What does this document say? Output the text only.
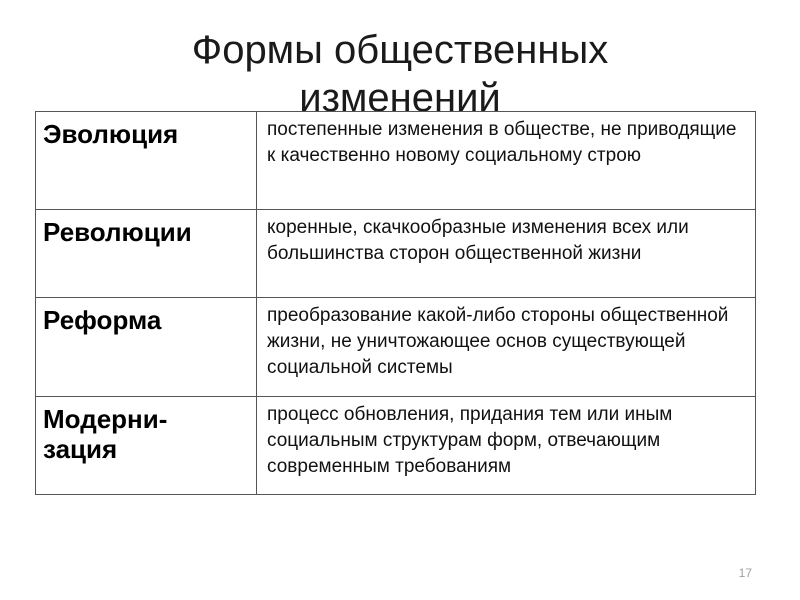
Формы общественных
изменений
Эволюция	постепенные изменения в обществе, не приводящие к качественно новому социальному строю
Революции	коренные, скачкообразные изменения всех или большинства сторон общественной жизни
Реформа	преобразование какой-либо стороны общественной жизни, не уничтожающее основ существующей социальной системы

Модерни-
зация	процесс обновления, придания тем или иным социальным структурам форм, отвечающим современным требованиям
17
